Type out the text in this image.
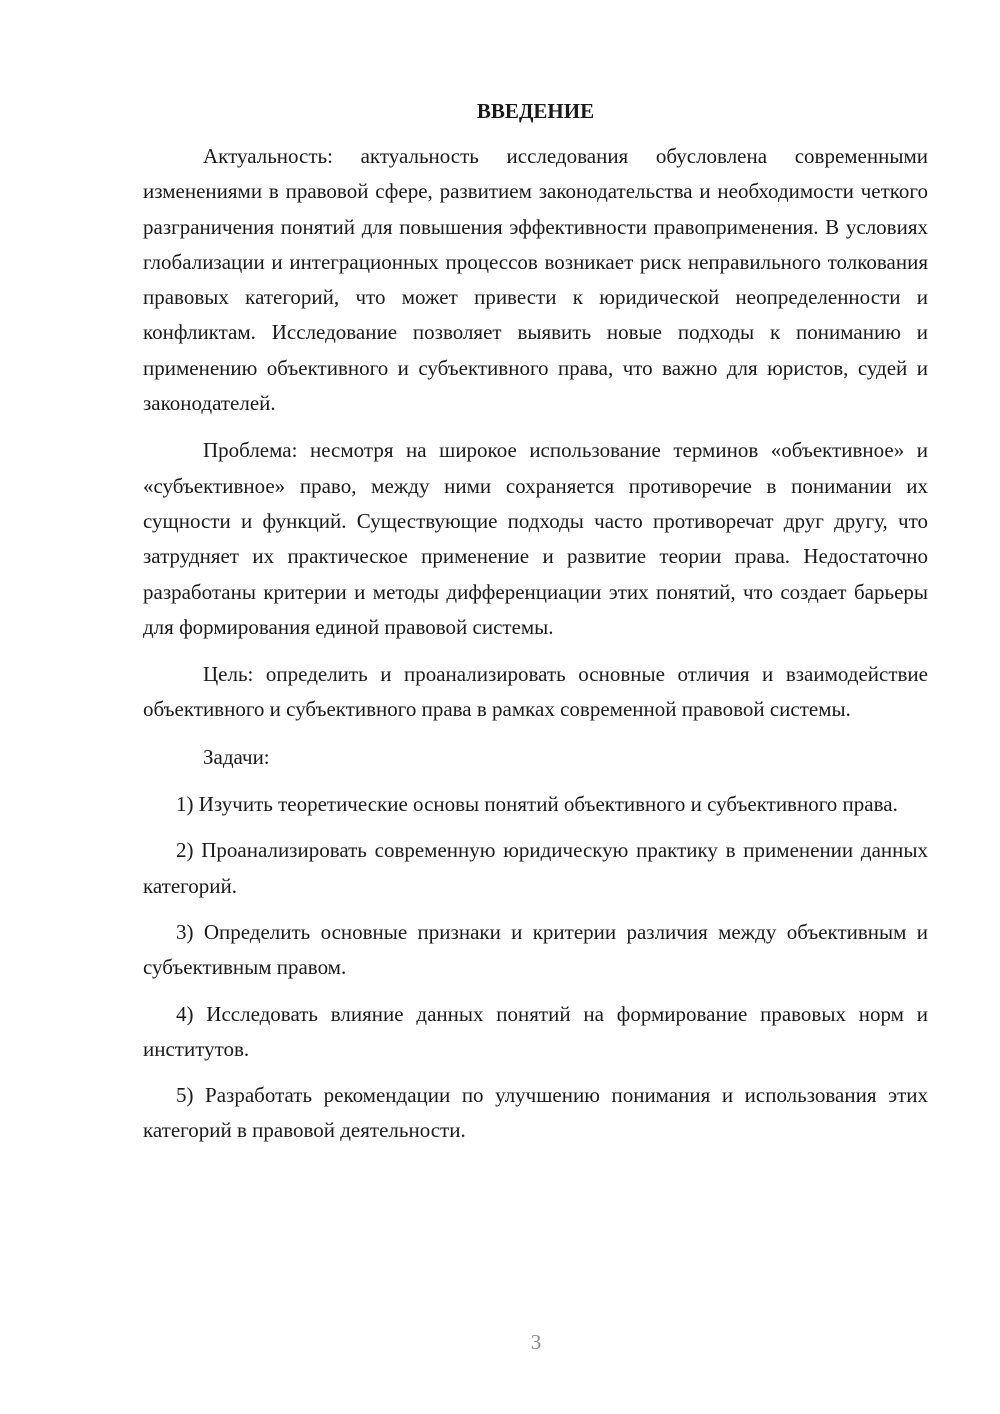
ВВЕДЕНИЕ

Актуальность: актуальность исследования обусловлена современными изменениями в правовой сфере, развитием законодательства и необходимости четкого разграничения понятий для повышения эффективности правоприменения. В условиях глобализации и интеграционных процессов возникает риск неправильного толкования правовых категорий, что может привести к юридической неопределенности и конфликтам. Исследование позволяет выявить новые подходы к пониманию и применению объективного и субъективного права, что важно для юристов, судей и законодателей.

Проблема: несмотря на широкое использование терминов «объективное» и «субъективное» право, между ними сохраняется противоречие в понимании их сущности и функций. Существующие подходы часто противоречат друг другу, что затрудняет их практическое применение и развитие теории права. Недостаточно разработаны критерии и методы дифференциации этих понятий, что создает барьеры для формирования единой правовой системы.

Цель: определить и проанализировать основные отличия и взаимодействие объективного и субъективного права в рамках современной правовой системы.

Задачи:

1) Изучить теоретические основы понятий объективного и субъективного права.

2) Проанализировать современную юридическую практику в применении данных категорий.

3) Определить основные признаки и критерии различия между объективным и субъективным правом.

4) Исследовать влияние данных понятий на формирование правовых норм и институтов.

5) Разработать рекомендации по улучшению понимания и использования этих категорий в правовой деятельности.

3
